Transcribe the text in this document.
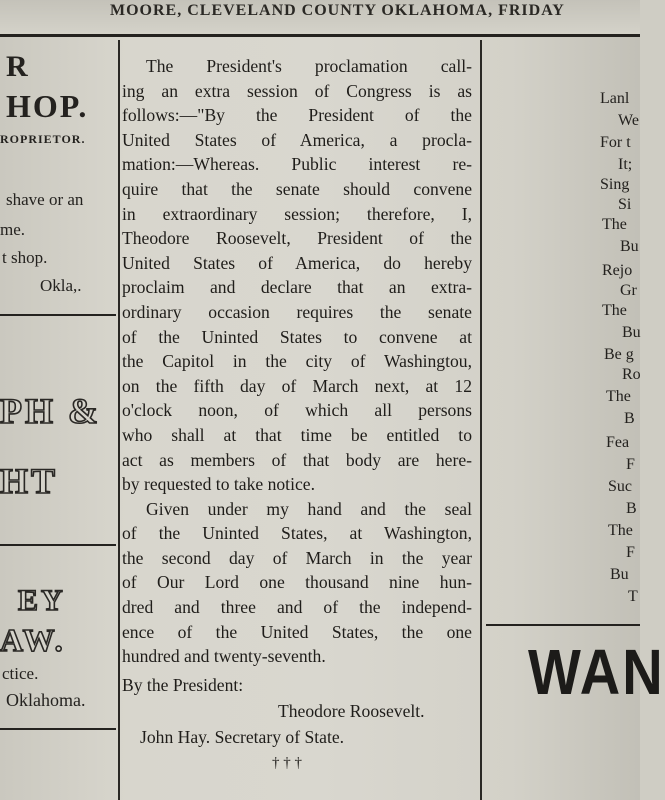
MOORE, CLEVELAND COUNTY OKLAHOMA, FRIDAY
R
HOP.
ROPRIETOR.
shave or an
me.
t shop.
Okla,.
PH &
HT
EY
AW.
ctice.
Oklahoma.
The President's proclamation call-
ing an extra session of Congress is as
follows:—"By the President of the
United States of America, a procla-
mation:—Whereas. Public interest re-
quire that the senate should convene
in extraordinary session; therefore, I,
Theodore Roosevelt, President of the
United States of America, do hereby
proclaim and declare that an extra-
ordinary occasion requires the senate
of the Uninted States to convene at
the Capitol in the city of Washingtou,
on the fifth day of March next, at 12
o'clock noon, of which all persons
who shall at that time be entitled to
act as members of that body are here-
by requested to take notice.
Given under my hand and the seal
of the Uninted States, at Washington,
the second day of March in the year
of Our Lord one thousand nine hun-
dred and three and of the independ-
ence of the United States, the one
hundred and twenty-seventh.
By the President:
Theodore Roosevelt.
John Hay. Secretary of State.
† † †
Lanl
We
For t
It;
Sing
Si
The
Bu
Rejo
Gr
The
Bu
Be g
Ro
The
B
Fea
F
Suc
B
The
F
Bu
T
WAN
